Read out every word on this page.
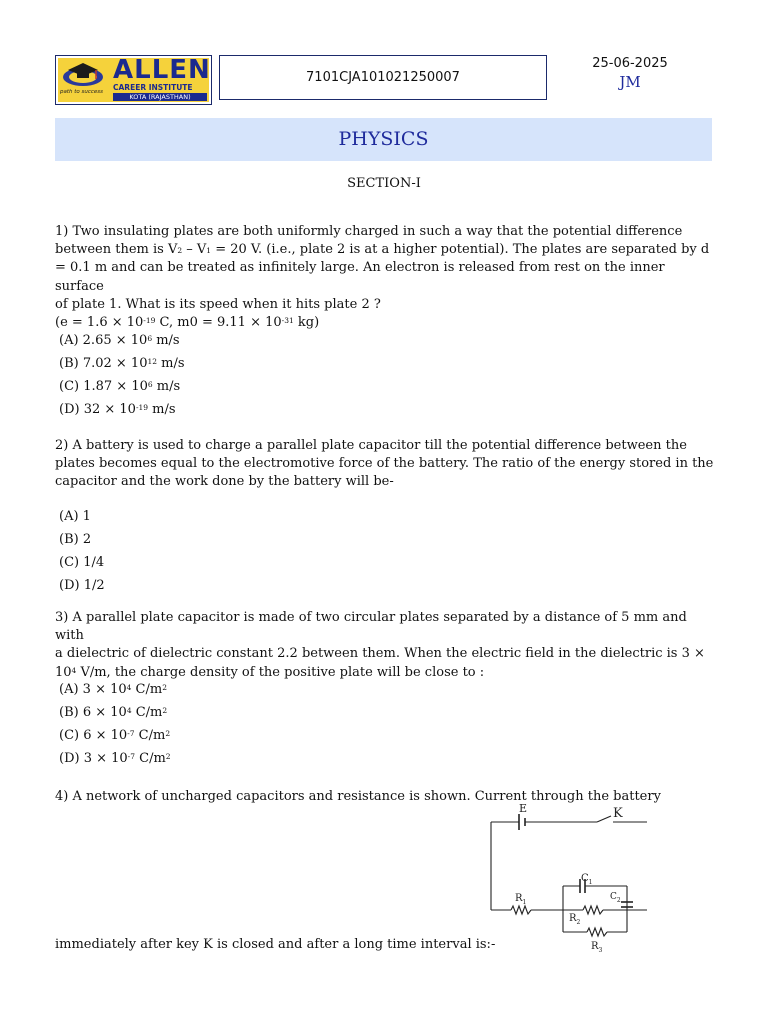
ALLEN
CAREER INSTITUTE
KOTA (RAJASTHAN)
path to success
7101CJA101021250007
25-06-2025
JM
PHYSICS
SECTION-I

1) Two insulating plates are both uniformly charged in such a way that the potential difference

between them is $V_2 - V_1 = 20$ V. (i.e., plate 2 is at a higher potential). The plates are separated by d

= 0.1 m and can be treated as infinitely large. An electron is released from rest on the inner surface

of plate 1. What is its speed when it hits plate 2 ?

($e = 1.6 \times 10^{-19}$ C, $m0 = 9.11 \times 10^{-31}$ kg)

(A) $2.65 \times 10^6$ m/s
(B) $7.02 \times 10^{12}$ m/s
(C) $1.87 \times 10^6$ m/s
(D) $32 \times 10^{-19}$ m/s

2) A battery is used to charge a parallel plate capacitor till the potential difference between the

plates becomes equal to the electromotive force of the battery. The ratio of the energy stored in the

capacitor and the work done by the battery will be-

(A) 1
(B) 2
(C) 1/4
(D) 1/2

3) A parallel plate capacitor is made of two circular plates separated by a distance of 5 mm and with

a dielectric of dielectric constant 2.2 between them. When the electric field in the dielectric is 3 ×

$10^4$ V/m, the charge density of the positive plate will be close to :

(A) $3 \times 10^4$ $C/m^2$
(B) $6 \times 10^4$ $C/m^2$
(C) $6 \times 10^{-7}$ $C/m^2$
(D) $3 \times 10^{-7}$ $C/m^2$

4) A network of uncharged capacitors and resistance is shown. Current through the battery

E	K
$R_1$
$C_1$
$C_2$
$R_2$
$R_3$
immediately after key K is closed and after a long time interval is:-
